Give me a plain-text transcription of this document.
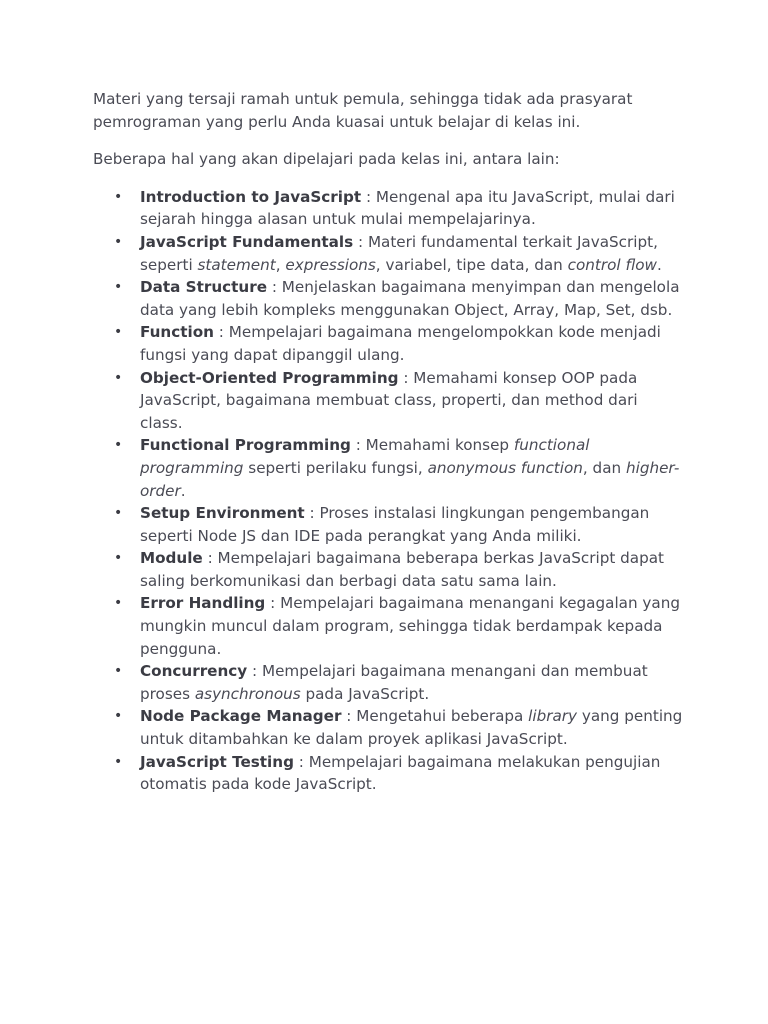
Materi yang tersaji ramah untuk pemula, sehingga tidak ada prasyarat pemrograman yang perlu Anda kuasai untuk belajar di kelas ini.

Beberapa hal yang akan dipelajari pada kelas ini, antara lain:

• Introduction to JavaScript : Mengenal apa itu JavaScript, mulai dari sejarah hingga alasan untuk mulai mempelajarinya.
• JavaScript Fundamentals : Materi fundamental terkait JavaScript, seperti statement, expressions, variabel, tipe data, dan control flow.
• Data Structure : Menjelaskan bagaimana menyimpan dan mengelola data yang lebih kompleks menggunakan Object, Array, Map, Set, dsb.
• Function : Mempelajari bagaimana mengelompokkan kode menjadi fungsi yang dapat dipanggil ulang.
• Object-Oriented Programming : Memahami konsep OOP pada JavaScript, bagaimana membuat class, properti, dan method dari class.
• Functional Programming : Memahami konsep functional programming seperti perilaku fungsi, anonymous function, dan higher-order.
• Setup Environment : Proses instalasi lingkungan pengembangan seperti Node JS dan IDE pada perangkat yang Anda miliki.
• Module : Mempelajari bagaimana beberapa berkas JavaScript dapat saling berkomunikasi dan berbagi data satu sama lain.
• Error Handling : Mempelajari bagaimana menangani kegagalan yang mungkin muncul dalam program, sehingga tidak berdampak kepada pengguna.
• Concurrency : Mempelajari bagaimana menangani dan membuat proses asynchronous pada JavaScript.
• Node Package Manager : Mengetahui beberapa library yang penting untuk ditambahkan ke dalam proyek aplikasi JavaScript.
• JavaScript Testing : Mempelajari bagaimana melakukan pengujian otomatis pada kode JavaScript.
